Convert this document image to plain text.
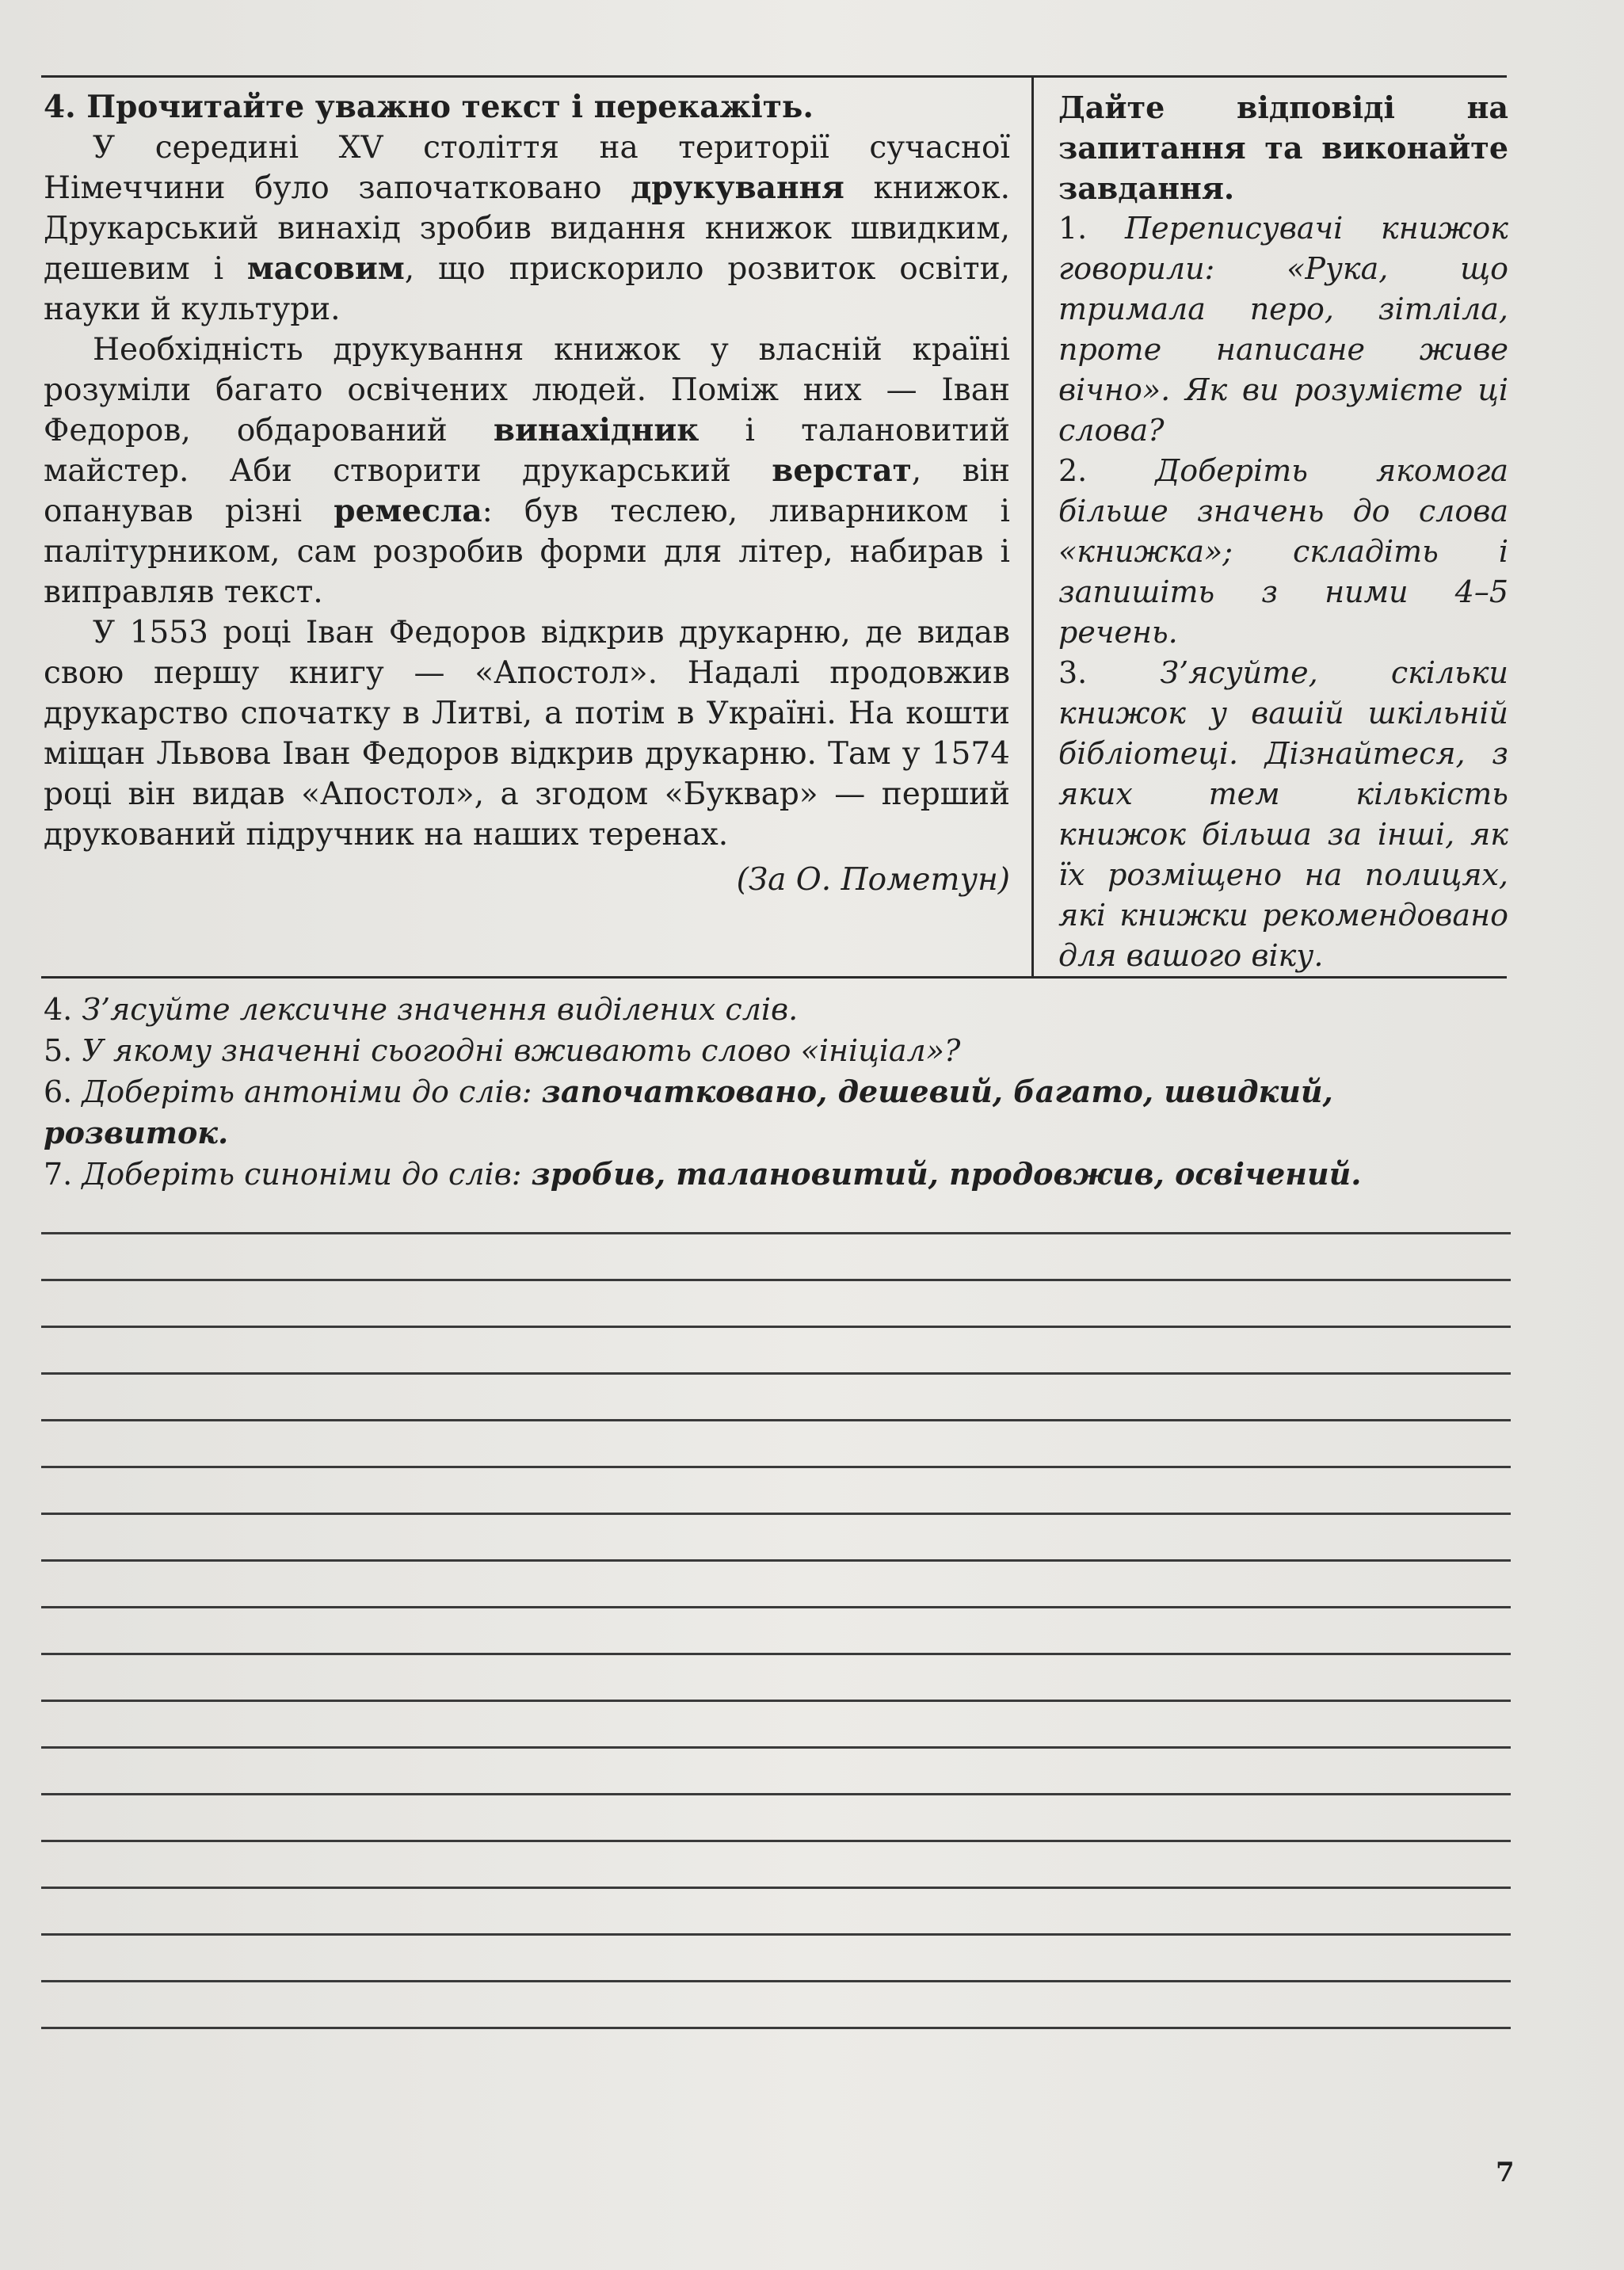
4. Прочитайте уважно текст і перекажіть.

У середині XV століття на території сучасної Німеччини було започатковано друкування книжок. Друкарський винахід зробив видання книжок швидким, дешевим і масовим, що прискорило розвиток освіти, науки й культури.

Необхідність друкування книжок у власній країні розуміли багато освічених людей. Поміж них — Іван Федоров, обдарований винахідник і талановитий майстер. Аби створити друкарський верстат, він опанував різні ремесла: був теслею, ливарником і палітурником, сам розробив форми для літер, набирав і виправляв текст.

У 1553 році Іван Федоров відкрив друкарню, де видав свою першу книгу — «Апостол». Надалі продовжив друкарство спочатку в Литві, а потім в Україні. На кошти міщан Львова Іван Федоров відкрив друкарню. Там у 1574 році він видав «Апостол», а згодом «Буквар» — перший друкований підручник на наших теренах.

(За О. Пометун)

Дайте відповіді на запитання та виконайте завдання.

1. Переписувачі книжок говорили: «Рука, що тримала перо, зітліла, проте написане живе вічно». Як ви розумієте ці слова?

2. Доберіть якомога більше значень до слова «книжка»; складіть і запишіть з ними 4–5 речень.

3. З’ясуйте, скільки книжок у вашій шкільній бібліотеці. Дізнайтеся, з яких тем кількість книжок більша за інші, як їх розміщено на полицях, які книжки рекомендовано для вашого віку.

4. З’ясуйте лексичне значення виділених слів.

5. У якому значенні сьогодні вживають слово «ініціал»?

6. Доберіть антоніми до слів: започатковано, дешевий, багато, швидкий, розвиток.

7. Доберіть синоніми до слів: зробив, талановитий, продовжив, освічений.

7
